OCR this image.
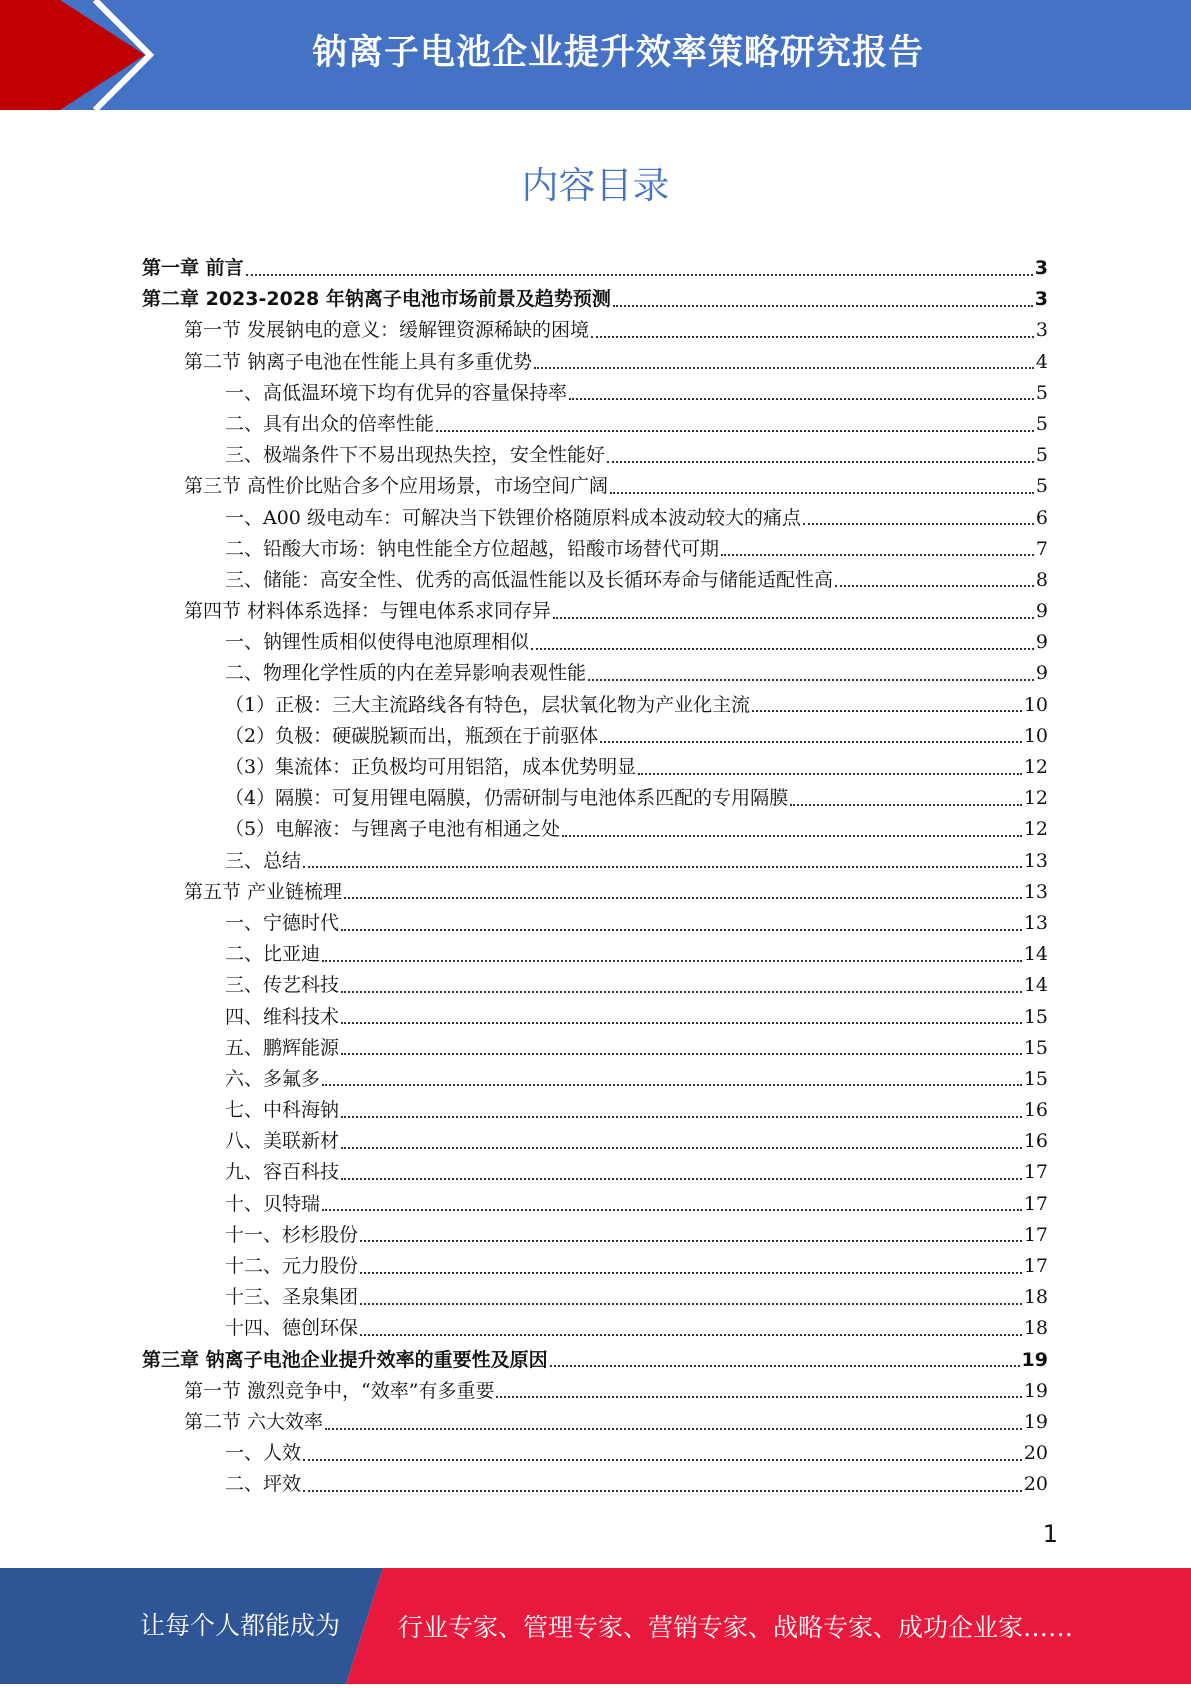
钠离子电池企业提升效率策略研究报告
内容目录
第一章 前言	3
第二章 2023-2028 年钠离子电池市场前景及趋势预测	3
第一节 发展钠电的意义：缓解锂资源稀缺的困境	3
第二节 钠离子电池在性能上具有多重优势	4
一、高低温环境下均有优异的容量保持率	5
二、具有出众的倍率性能	5
三、极端条件下不易出现热失控，安全性能好	5
第三节 高性价比贴合多个应用场景，市场空间广阔	5
一、A00 级电动车：可解决当下铁锂价格随原料成本波动较大的痛点	6
二、铅酸大市场：钠电性能全方位超越，铅酸市场替代可期	7
三、储能：高安全性、优秀的高低温性能以及长循环寿命与储能适配性高	8
第四节 材料体系选择：与锂电体系求同存异	9
一、钠锂性质相似使得电池原理相似	9
二、物理化学性质的内在差异影响表观性能	9
（1）正极：三大主流路线各有特色，层状氧化物为产业化主流	10
（2）负极：硬碳脱颖而出，瓶颈在于前驱体	10
（3）集流体：正负极均可用铝箔，成本优势明显	12
（4）隔膜：可复用锂电隔膜，仍需研制与电池体系匹配的专用隔膜	12
（5）电解液：与锂离子电池有相通之处	12
三、总结	13
第五节 产业链梳理	13
一、宁德时代	13
二、比亚迪	14
三、传艺科技	14
四、维科技术	15
五、鹏辉能源	15
六、多氟多	15
七、中科海钠	16
八、美联新材	16
九、容百科技	17
十、贝特瑞	17
十一、杉杉股份	17
十二、元力股份	17
十三、圣泉集团	18
十四、德创环保	18
第三章 钠离子电池企业提升效率的重要性及原因	19
第一节 激烈竞争中，“效率”有多重要	19
第二节 六大效率	19
一、人效	20
二、坪效	20
1
让每个人都能成为 行业专家、管理专家、营销专家、战略专家、成功企业家……
